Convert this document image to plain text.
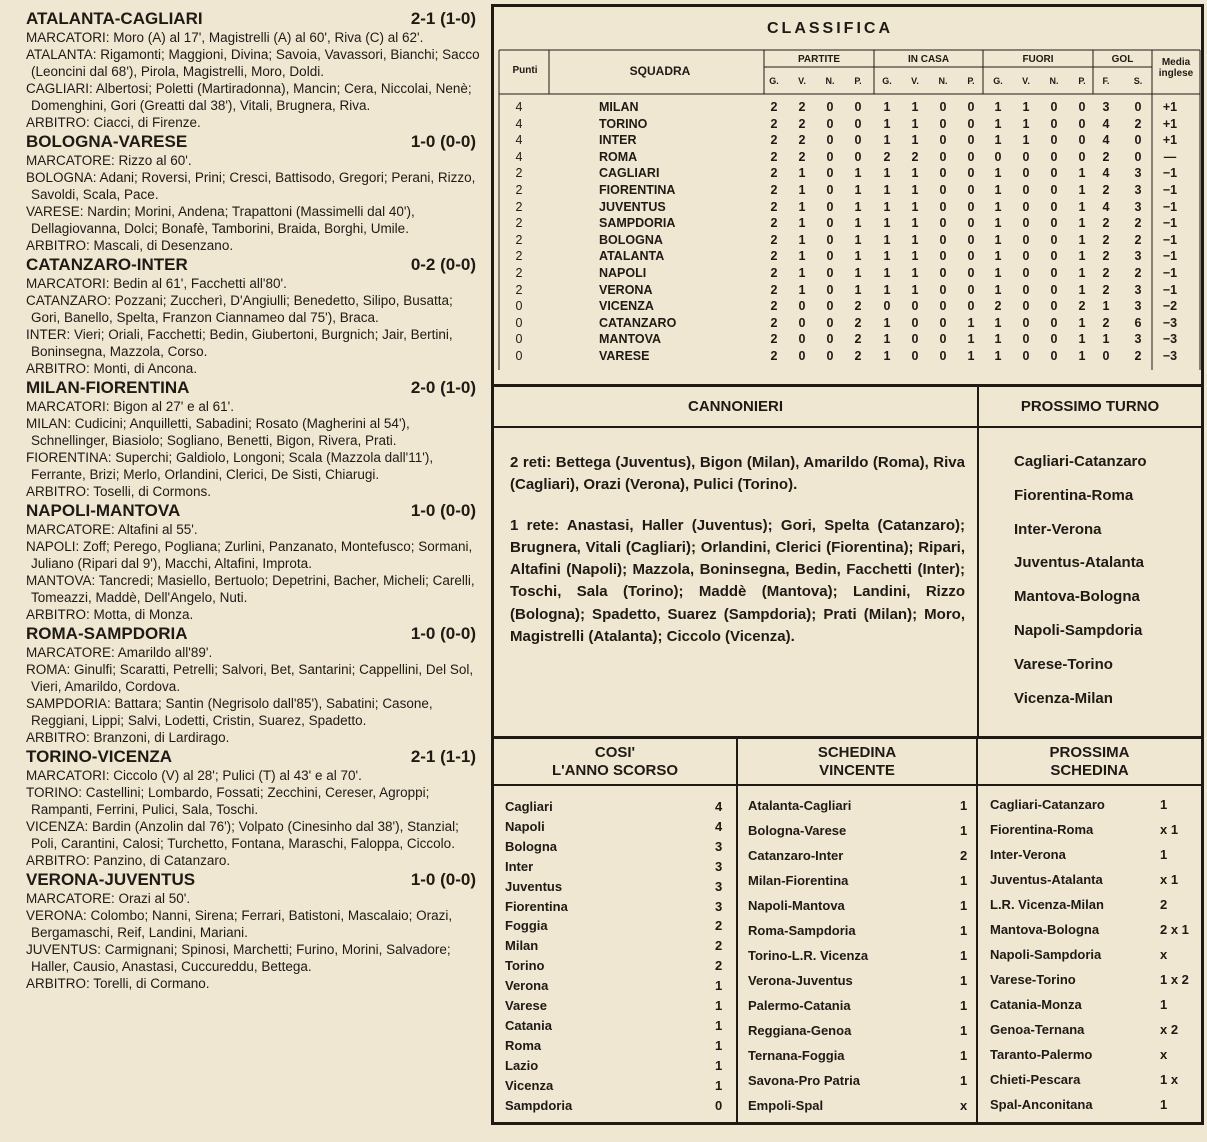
ATALANTA-CAGLIARI	2-1 (1-0)

MARCATORI: Moro (A) al 17', Magistrelli (A) al 60', Riva (C) al 62'.

ATALANTA: Rigamonti; Maggioni, Divina; Savoia, Vavassori, Bianchi; Sacco (Leoncini dal 68'), Pirola, Magistrelli, Moro, Doldi.

CAGLIARI: Albertosi; Poletti (Martiradonna), Mancin; Cera, Niccolai, Nenè; Domenghini, Gori (Greatti dal 38'), Vitali, Brugnera, Riva.

ARBITRO: Ciacci, di Firenze.

BOLOGNA-VARESE	1-0 (0-0)

MARCATORE: Rizzo al 60'.

BOLOGNA: Adani; Roversi, Prini; Cresci, Battisodo, Gregori; Perani, Rizzo, Savoldi, Scala, Pace.

VARESE: Nardin; Morini, Andena; Trapattoni (Massimelli dal 40'), Dellagiovanna, Dolci; Bonafè, Tamborini, Braida, Borghi, Umile.

ARBITRO: Mascali, di Desenzano.

CATANZARO-INTER	0-2 (0-0)

MARCATORI: Bedin al 61', Facchetti all'80'.

CATANZARO: Pozzani; Zuccherì, D'Angiulli; Benedetto, Silipo, Busatta; Gori, Banello, Spelta, Franzon Ciannameo dal 75'), Braca.

INTER: Vieri; Oriali, Facchetti; Bedin, Giubertoni, Burgnich; Jair, Bertini, Boninsegna, Mazzola, Corso.

ARBITRO: Monti, di Ancona.

MILAN-FIORENTINA	2-0 (1-0)

MARCATORI: Bigon al 27' e al 61'.

MILAN: Cudicini; Anquilletti, Sabadini; Rosato (Magherini al 54'), Schnellinger, Biasiolo; Sogliano, Benetti, Bigon, Rivera, Prati.

FIORENTINA: Superchi; Galdiolo, Longoni; Scala (Mazzola dall'11'), Ferrante, Brizi; Merlo, Orlandini, Clerici, De Sisti, Chiarugi.

ARBITRO: Toselli, di Cormons.

NAPOLI-MANTOVA	1-0 (0-0)

MARCATORE: Altafini al 55'.

NAPOLI: Zoff; Perego, Pogliana; Zurlini, Panzanato, Montefusco; Sormani, Juliano (Ripari dal 9'), Macchi, Altafini, Improta.

MANTOVA: Tancredi; Masiello, Bertuolo; Depetrini, Bacher, Micheli; Carelli, Tomeazzi, Maddè, Dell'Angelo, Nuti.

ARBITRO: Motta, di Monza.

ROMA-SAMPDORIA	1-0 (0-0)

MARCATORE: Amarildo all'89'.

ROMA: Ginulfi; Scaratti, Petrelli; Salvori, Bet, Santarini; Cappellini, Del Sol, Vieri, Amarildo, Cordova.

SAMPDORIA: Battara; Santin (Negrisolo dall'85'), Sabatini; Casone, Reggiani, Lippi; Salvi, Lodetti, Cristin, Suarez, Spadetto.

ARBITRO: Branzoni, di Lardirago.

TORINO-VICENZA	2-1 (1-1)

MARCATORI: Ciccolo (V) al 28'; Pulici (T) al 43' e al 70'.

TORINO: Castellini; Lombardo, Fossati; Zecchini, Cereser, Agroppi; Rampanti, Ferrini, Pulici, Sala, Toschi.

VICENZA: Bardin (Anzolin dal 76'); Volpato (Cinesinho dal 38'), Stanzial; Poli, Carantini, Calosi; Turchetto, Fontana, Maraschi, Faloppa, Ciccolo.

ARBITRO: Panzino, di Catanzaro.

VERONA-JUVENTUS	1-0 (0-0)

MARCATORE: Orazi al 50'.

VERONA: Colombo; Nanni, Sirena; Ferrari, Batistoni, Mascalaio; Orazi, Bergamaschi, Reif, Landini, Mariani.

JUVENTUS: Carmignani; Spinosi, Marchetti; Furino, Morini, Salvadore; Haller, Causio, Anastasi, Cuccureddu, Bettega.

ARBITRO: Torelli, di Cormano.

CLASSIFICA
Punti	SQUADRA
PARTITE	IN CASA	FUORI	GOL	Media inglese
G.	V.	N.	P.	G.	V.	N.	P.	G.	V.	N.	P.	F.	S.
4	MILAN	2	2	0	0	1	1	0	0	1	1	0	0	3	0	+1
4	TORINO	2	2	0	0	1	1	0	0	1	1	0	0	4	2	+1
4	INTER	2	2	0	0	1	1	0	0	1	1	0	0	4	0	+1
4	ROMA	2	2	0	0	2	2	0	0	0	0	0	0	2	0	—
2	CAGLIARI	2	1	0	1	1	1	0	0	1	0	0	1	4	3	−1
2	FIORENTINA	2	1	0	1	1	1	0	0	1	0	0	1	2	3	−1
2	JUVENTUS	2	1	0	1	1	1	0	0	1	0	0	1	4	3	−1
2	SAMPDORIA	2	1	0	1	1	1	0	0	1	0	0	1	2	2	−1
2	BOLOGNA	2	1	0	1	1	1	0	0	1	0	0	1	2	2	−1
2	ATALANTA	2	1	0	1	1	1	0	0	1	0	0	1	2	3	−1
2	NAPOLI	2	1	0	1	1	1	0	0	1	0	0	1	2	2	−1
2	VERONA	2	1	0	1	1	1	0	0	1	0	0	1	2	3	−1
0	VICENZA	2	0	0	2	0	0	0	0	2	0	0	2	1	3	−2
0	CATANZARO	2	0	0	2	1	0	0	1	1	0	0	1	2	6	−3
0	MANTOVA	2	0	0	2	1	0	0	1	1	0	0	1	1	3	−3
0	VARESE	2	0	0	2	1	0	0	1	1	0	0	1	0	2	−3
CANNONIERI	PROSSIMO TURNO

2 reti: Bettega (Juventus), Bigon (Milan), Amarildo (Roma), Riva (Cagliari), Orazi (Verona), Pulici (Torino).

1 rete: Anastasi, Haller (Juventus); Gori, Spelta (Catanzaro); Brugnera, Vitali (Cagliari); Orlandini, Clerici (Fiorentina); Ripari, Altafini (Napoli); Mazzola, Boninsegna, Bedin, Facchetti (Inter); Toschi, Sala (Torino); Maddè (Mantova); Landini, Rizzo (Bologna); Spadetto, Suarez (Sampdoria); Prati (Milan); Moro, Magistrelli (Atalanta); Ciccolo (Vicenza).

Cagliari-Catanzaro
Fiorentina-Roma
Inter-Verona
Juventus-Atalanta
Mantova-Bologna
Napoli-Sampdoria
Varese-Torino
Vicenza-Milan
COSI'
L'ANNO SCORSO
SCHEDINA
VINCENTE
PROSSIMA
SCHEDINA
Cagliari	4
Napoli	4
Bologna	3
Inter	3
Juventus	3
Fiorentina	3
Foggia	2
Milan	2
Torino	2
Verona	1
Varese	1
Catania	1
Roma	1
Lazio	1
Vicenza	1
Sampdoria	0
Atalanta-Cagliari	1
Bologna-Varese	1
Catanzaro-Inter	2
Milan-Fiorentina	1
Napoli-Mantova	1
Roma-Sampdoria	1
Torino-L.R. Vicenza	1
Verona-Juventus	1
Palermo-Catania	1
Reggiana-Genoa	1
Ternana-Foggia	1
Savona-Pro Patria	1
Empoli-Spal	x
Cagliari-Catanzaro	1
Fiorentina-Roma	x 1
Inter-Verona	1
Juventus-Atalanta	x 1
L.R. Vicenza-Milan	2
Mantova-Bologna	2 x 1
Napoli-Sampdoria	x
Varese-Torino	1 x 2
Catania-Monza	1
Genoa-Ternana	x 2
Taranto-Palermo	x
Chieti-Pescara	1 x
Spal-Anconitana	1
